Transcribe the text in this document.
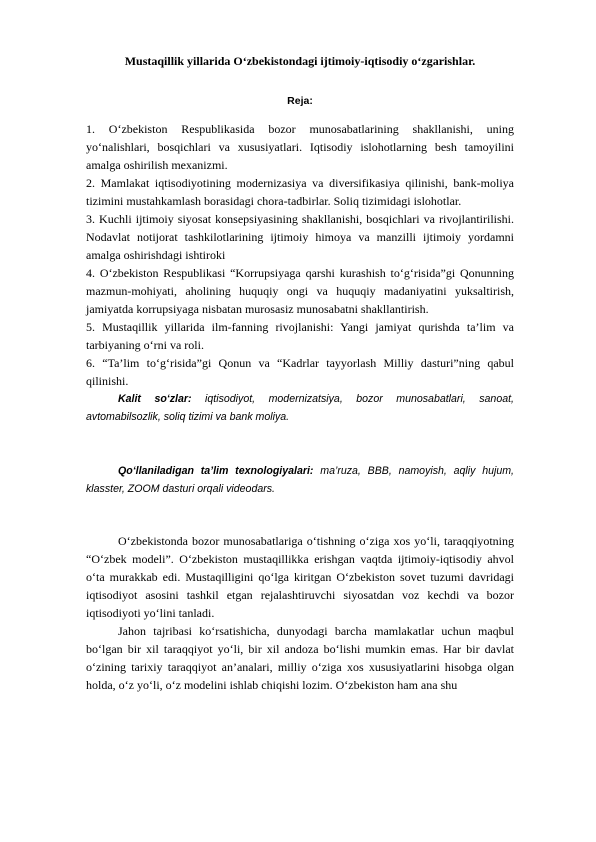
Mustaqillik yillarida O‘zbekistondagi ijtimoiy-iqtisodiy o‘zgarishlar.

Reja:

1. O‘zbekiston Respublikasida bozor munosabatlarining shakllanishi, uning yo‘nalishlari, bosqichlari va xususiyatlari. Iqtisodiy islohotlarning besh tamoyilini amalga oshirilish mexanizmi.

2. Mamlakat iqtisodiyotining modernizasiya va diversifikasiya qilinishi, bank-moliya tizimini mustahkamlash borasidagi chora-tadbirlar. Soliq tizimidagi islohotlar.

3. Kuchli ijtimoiy siyosat konsepsiyasining shakllanishi, bosqichlari va rivojlantirilishi. Nodavlat notijorat tashkilotlarining ijtimoiy himoya va manzilli ijtimoiy yordamni amalga oshirishdagi ishtiroki

4. O‘zbekiston Respublikasi “Korrupsiyaga qarshi kurashish to‘g‘risida”gi Qonunning mazmun-mohiyati, aholining huquqiy ongi va huquqiy madaniyatini yuksaltirish, jamiyatda korrupsiyaga nisbatan murosasiz munosabatni shakllantirish.

5. Mustaqillik yillarida ilm-fanning rivojlanishi: Yangi jamiyat qurishda ta’lim va tarbiyaning o‘rni va roli.

6. “Ta’lim to‘g‘risida”gi Qonun va “Kadrlar tayyorlash Milliy dasturi”ning qabul qilinishi.

Kalit so‘zlar: iqtisodiyot, modernizatsiya, bozor munosabatlari, sanoat, avtomabilsozlik, soliq tizimi va bank moliya.

Qo‘llaniladigan ta’lim texnologiyalari: ma’ruza, BBB, namoyish, aqliy hujum, klasster, ZOOM dasturi orqali videodars.

O‘zbekistonda bozor munosabatlariga o‘tishning o‘ziga xos yo‘li, taraqqiyotning “O‘zbek modeli”. O‘zbekiston mustaqillikka erishgan vaqtda ijtimoiy-iqtisodiy ahvol o‘ta murakkab edi. Mustaqilligini qo‘lga kiritgan O‘zbekiston sovet tuzumi davridagi iqtisodiyot asosini tashkil etgan rejalashtiruvchi siyosatdan voz kechdi va bozor iqtisodiyoti yo‘lini tanladi.

Jahon tajribasi ko‘rsatishicha, dunyodagi barcha mamlakatlar uchun maqbul bo‘lgan bir xil taraqqiyot yo‘li, bir xil andoza bo‘lishi mumkin emas. Har bir davlat o‘zining tarixiy taraqqiyot an’analari, milliy o‘ziga xos xususiyatlarini hisobga olgan holda, o‘z yo‘li, o‘z modelini ishlab chiqishi lozim. O‘zbekiston ham ana shu
